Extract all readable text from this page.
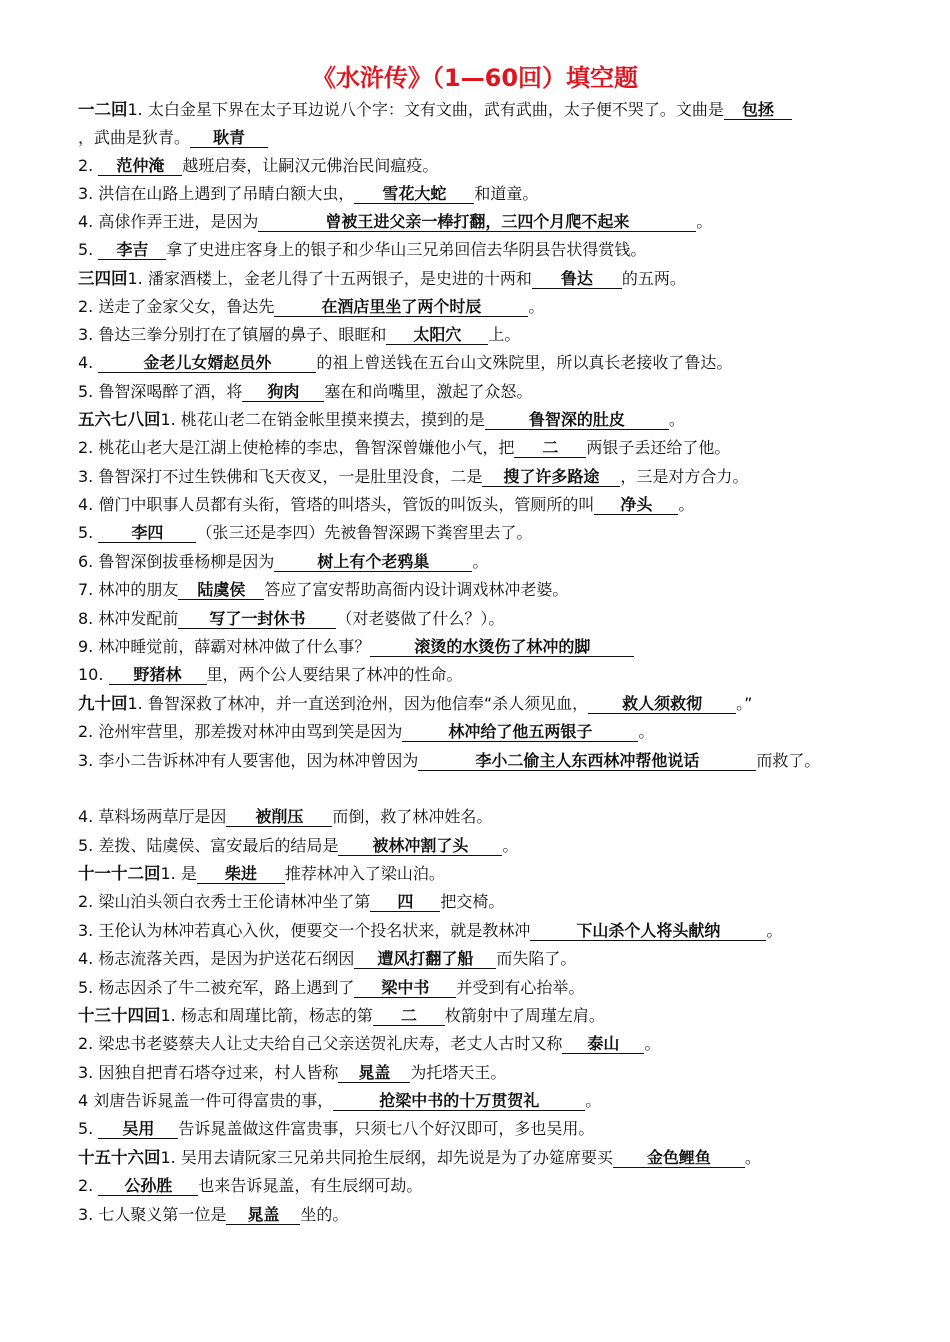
《水浒传》（1—60回）填空题
一二回1. 太白金星下界在太子耳边说八个字：文有文曲，武有武曲，太子便不哭了。文曲是 包拯
，武曲是狄青。 耿青
2. 范仲淹 越班启奏，让嗣汉元佛治民间瘟疫。
3. 洪信在山路上遇到了吊睛白额大虫， 雪花大蛇 和道童。
4. 高俅作弄王进，是因为	曾被王进父亲一棒打翻，三四个月爬不起来	。
5. 李吉 拿了史进庄客身上的银子和少华山三兄弟回信去华阴县告状得赏钱。
三四回1. 潘家酒楼上，金老儿得了十五两银子，是史进的十两和 鲁达 的五两。
2. 送走了金家父女，鲁达先	在酒店里坐了两个时辰	。
3. 鲁达三拳分别打在了镇層的鼻子、眼眶和 太阳穴 上。
4.	金老儿女婿赵员外	的祖上曾送钱在五台山文殊院里，所以真长老接收了鲁达。
5. 鲁智深喝醉了酒，将 狗肉 塞在和尚嘴里，激起了众怒。
五六七八回1. 桃花山老二在销金帐里摸来摸去，摸到的是	鲁智深的肚皮	。
2. 桃花山老大是江湖上使枪棒的李忠，鲁智深曾嫌他小气，把 二 两银子丢还给了他。
3. 鲁智深打不过生铁佛和飞天夜叉，一是肚里没食，二是 搜了许多路途 ，三是对方合力。
4. 僧门中职事人员都有头衔，管塔的叫塔头，管饭的叫饭头，管厕所的叫 净头 。
5. 李四 （张三还是李四）先被鲁智深踢下粪窖里去了。
6. 鲁智深倒拔垂杨柳是因为	树上有个老鸦巢	。
7. 林冲的朋友 陆虞侯 答应了富安帮助高衙内设计调戏林冲老婆。
8. 林冲发配前 写了一封休书 （对老婆做了什么？）。
9. 林冲睡觉前，薛霸对林冲做了什么事？	滚烫的水烫伤了林冲的脚
10. 野猪林 里，两个公人要结果了林冲的性命。
九十回1. 鲁智深救了林冲，并一直送到沧州，因为他信奉“杀人须见血， 救人须救彻 。”
2. 沧州牢营里，那差拨对林冲由骂到笑是因为	林冲给了他五两银子	。
3. 李小二告诉林冲有人要害他，因为林冲曾因为	李小二偷主人东西林冲帮他说话	而救了。
4. 草料场两草厅是因 被削压 而倒，救了林冲姓名。
5. 差拨、陆虞侯、富安最后的结局是 被林冲割了头 。
十一十二回1. 是 柴进 推荐林冲入了梁山泊。
2. 梁山泊头领白衣秀士王伦请林冲坐了第 四 把交椅。
3. 王伦认为林冲若真心入伙，便要交一个投名状来，就是教林冲	下山杀个人将头献纳	。
4. 杨志流落关西，是因为护送花石纲因 遭风打翻了船 而失陷了。
5. 杨志因杀了牛二被充军，路上遇到了 梁中书 并受到有心抬举。
十三十四回1. 杨志和周瑾比箭，杨志的第 二 枚箭射中了周瑾左肩。
2. 梁忠书老婆蔡夫人让丈夫给自己父亲送贺礼庆寿，老丈人古时又称 泰山 。
3. 因独自把青石塔夺过来，村人皆称 晁盖 为托塔天王。
4 刘唐告诉晁盖一件可得富贵的事，	抢梁中书的十万贯贺礼	。
5. 吴用 告诉晁盖做这件富贵事，只须七八个好汉即可，多也吴用。
十五十六回1. 吴用去请阮家三兄弟共同抢生辰纲，却先说是为了办筵席要买 金色鲤鱼 。
2. 公孙胜 也来告诉晁盖，有生辰纲可劫。
3. 七人聚义第一位是 晁盖 坐的。
